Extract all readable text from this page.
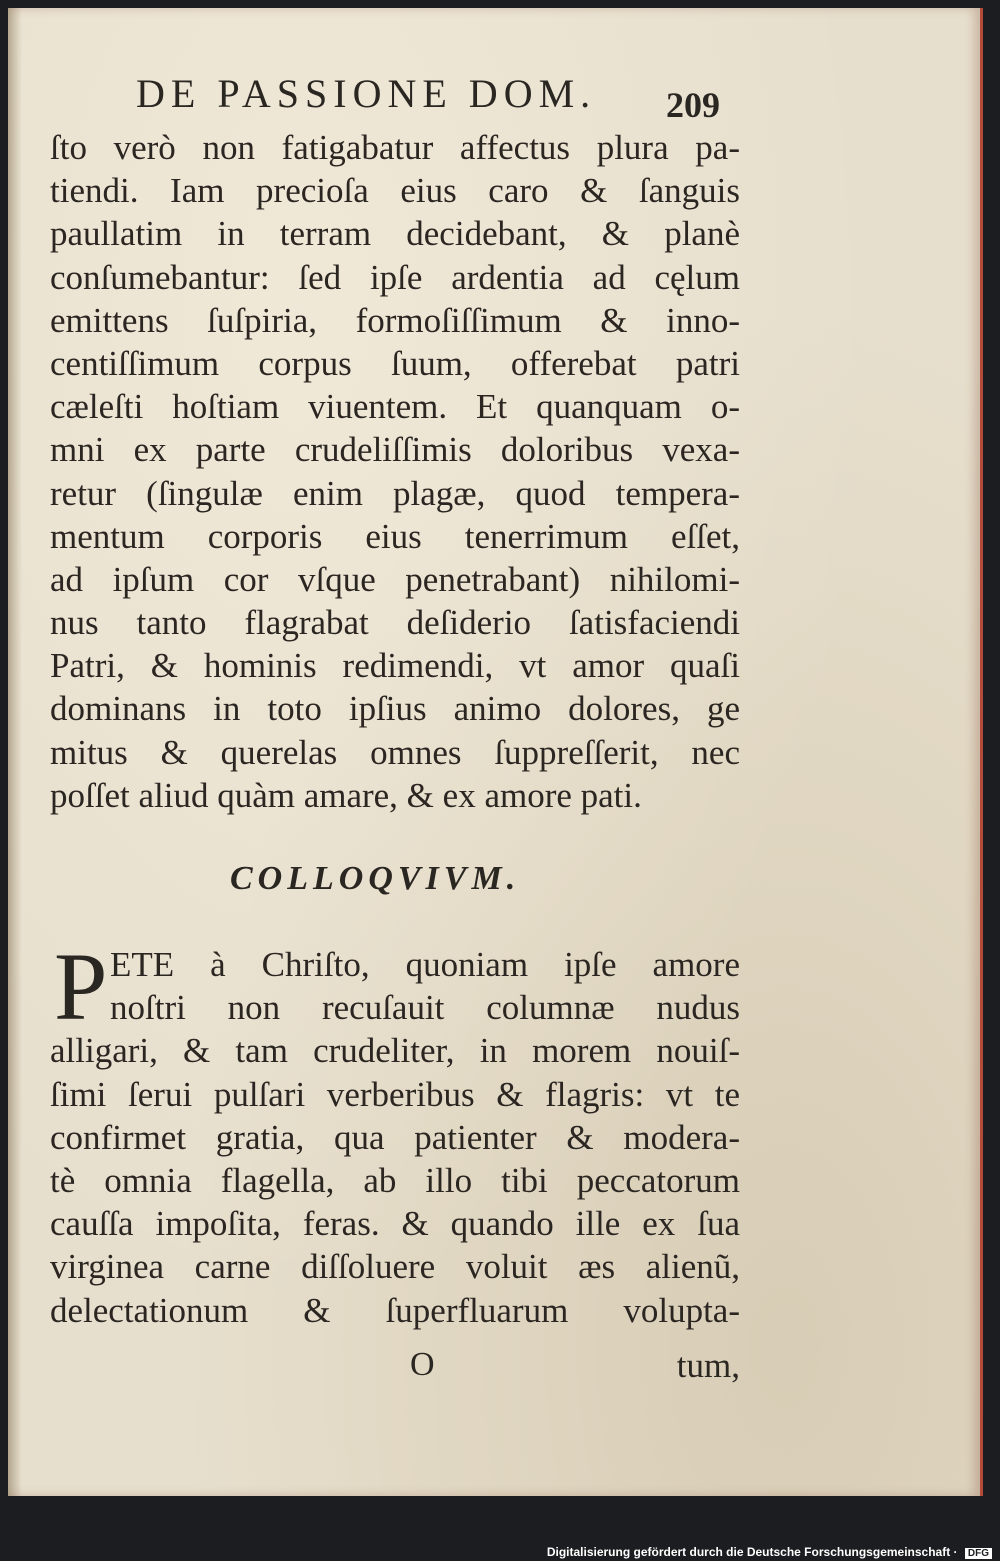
DE PASSIONE DOM. 209
ſto verò non fatigabatur affectus plura pa-
tiendi. Iam precioſa eius caro & ſanguis
paullatim in terram decidebant, & planè
conſumebantur: ſed ipſe ardentia ad cęlum
emittens ſuſpiria, formoſiſſimum & inno-
centiſſimum corpus ſuum, offerebat patri
cæleſti hoſtiam viuentem. Et quanquam o-
mni ex parte crudeliſſimis doloribus vexa-
retur (ſingulæ enim plagæ, quod tempera-
mentum corporis eius tenerrimum eſſet,
ad ipſum cor vſque penetrabant) nihilomi-
nus tanto flagrabat deſiderio ſatisfaciendi
Patri, & hominis redimendi, vt amor quaſi
dominans in toto ipſius animo dolores, ge
mitus & querelas omnes ſuppreſſerit, nec
poſſet aliud quàm amare, & ex amore pati.
COLLOQVIVM.
P ETE à Chriſto, quoniam ipſe amore
noſtri non recuſauit columnæ nudus
alligari, & tam crudeliter, in morem nouiſ-
ſimi ſerui pulſari verberibus & flagris: vt te
confirmet gratia, qua patienter & modera-
tè omnia flagella, ab illo tibi peccatorum
cauſſa impoſita, feras. & quando ille ex ſua
virginea carne diſſoluere voluit æs alienũ,
delectationum & ſuperfluarum volupta-
O	tum,
Digitalisierung gefördert durch die Deutsche Forschungsgemeinschaft · DFG
